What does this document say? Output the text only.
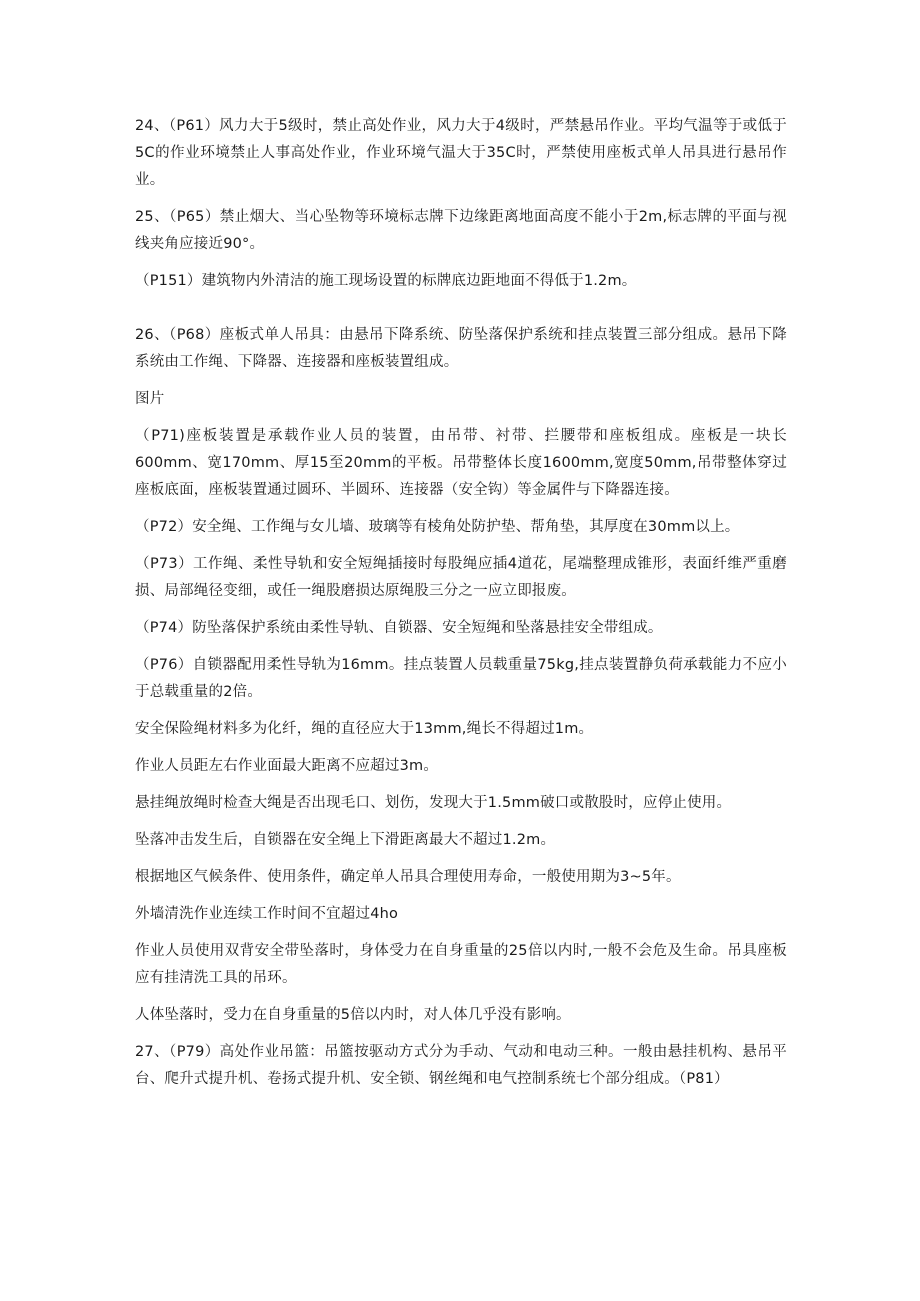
24、（P61）风力大于5级时，禁止高处作业，风力大于4级时，严禁悬吊作业。平均气温等于或低于5C的作业环境禁止人事高处作业，作业环境气温大于35C时，严禁使用座板式单人吊具进行悬吊作业。

25、（P65）禁止烟大、当心坠物等环境标志牌下边缘距离地面高度不能小于2m,标志牌的平面与视线夹角应接近90°。

（P151）建筑物内外清洁的施工现场设置的标牌底边距地面不得低于1.2m。

26、（P68）座板式单人吊具：由悬吊下降系统、防坠落保护系统和挂点装置三部分组成。悬吊下降系统由工作绳、下降器、连接器和座板装置组成。

图片

（P71)座板装置是承载作业人员的装置，由吊带、衬带、拦腰带和座板组成。座板是一块长600mm、宽170mm、厚15至20mm的平板。吊带整体长度1600mm,宽度50mm,吊带整体穿过座板底面，座板装置通过圆环、半圆环、连接器（安全钩）等金属件与下降器连接。

（P72）安全绳、工作绳与女儿墙、玻璃等有棱角处防护垫、帮角垫，其厚度在30mm以上。

（P73）工作绳、柔性导轨和安全短绳插接时每股绳应插4道花，尾端整理成锥形，表面纤维严重磨损、局部绳径变细，或任一绳股磨损达原绳股三分之一应立即报废。

（P74）防坠落保护系统由柔性导轨、自锁器、安全短绳和坠落悬挂安全带组成。

（P76）自锁器配用柔性导轨为16mm。挂点装置人员载重量75kg,挂点装置静负荷承载能力不应小于总载重量的2倍。

安全保险绳材料多为化纤，绳的直径应大于13mm,绳长不得超过1m。

作业人员距左右作业面最大距离不应超过3m。

悬挂绳放绳时检查大绳是否出现毛口、划伤，发现大于1.5mm破口或散股时，应停止使用。

坠落冲击发生后，自锁器在安全绳上下滑距离最大不超过1.2m。

根据地区气候条件、使用条件，确定单人吊具合理使用寿命，一般使用期为3~5年。

外墙清洗作业连续工作时间不宜超过4ho

作业人员使用双背安全带坠落时，身体受力在自身重量的25倍以内时,一般不会危及生命。吊具座板应有挂清洗工具的吊环。

人体坠落时，受力在自身重量的5倍以内时，对人体几乎没有影响。

27、（P79）高处作业吊篮：吊篮按驱动方式分为手动、气动和电动三种。一般由悬挂机构、悬吊平台、爬升式提升机、卷扬式提升机、安全锁、钢丝绳和电气控制系统七个部分组成。（P81）
